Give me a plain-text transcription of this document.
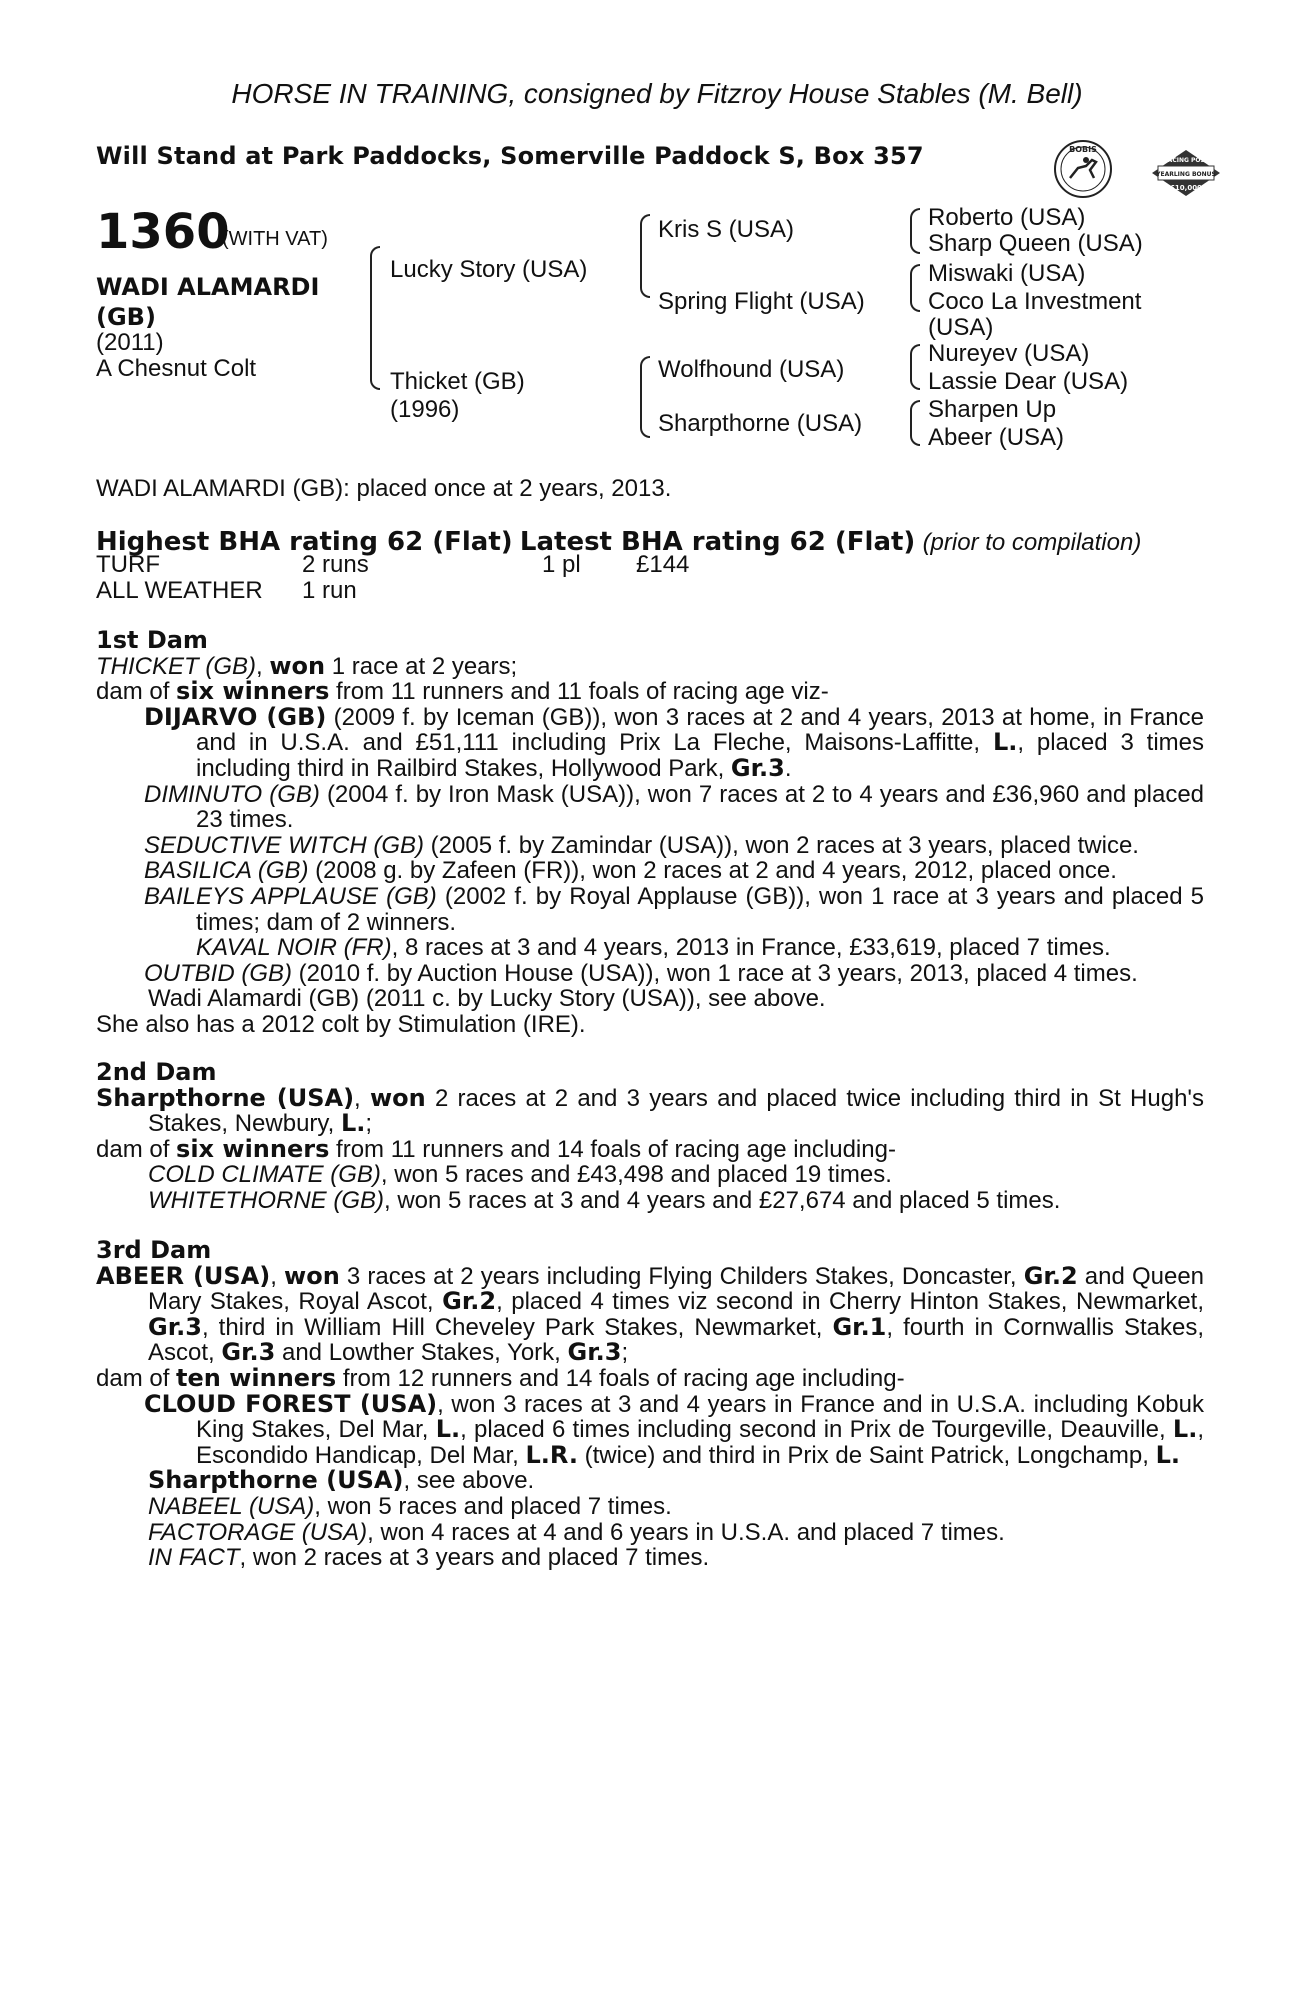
HORSE IN TRAINING, consigned by Fitzroy House Stables (M. Bell)
Will Stand at Park Paddocks, Somerville Paddock S, Box 357	BOBIS
RACING POST
YEARLING BONUS
£10,000
1360
(WITH VAT)
WADI ALAMARDI
(GB)
(2011)
A Chesnut Colt
Lucky Story (USA)
Thicket (GB)
(1996)
Kris S (USA)
Spring Flight (USA)
Wolfhound (USA)
Sharpthorne (USA)
Roberto (USA)
Sharp Queen (USA)
Miswaki (USA)
Coco La Investment
(USA)
Nureyev (USA)
Lassie Dear (USA)
Sharpen Up
Abeer (USA)
WADI ALAMARDI (GB): placed once at 2 years, 2013.
Highest BHA rating 62 (Flat) Latest BHA rating 62 (Flat) (prior to compilation)
TURF	2 runs	1 pl £144
ALL WEATHER 1 run

1st Dam

THICKET (GB), won 1 race at 2 years;

dam of six winners from 11 runners and 11 foals of racing age viz-

DIJARVO (GB) (2009 f. by Iceman (GB)), won 3 races at 2 and 4 years, 2013 at home, in France and in U.S.A. and £51,111 including Prix La Fleche, Maisons-Laffitte, L., placed 3 times including third in Railbird Stakes, Hollywood Park, Gr.3.

DIMINUTO (GB) (2004 f. by Iron Mask (USA)), won 7 races at 2 to 4 years and £36,960 and placed 23 times.

SEDUCTIVE WITCH (GB) (2005 f. by Zamindar (USA)), won 2 races at 3 years, placed twice.

BASILICA (GB) (2008 g. by Zafeen (FR)), won 2 races at 2 and 4 years, 2012, placed once.

BAILEYS APPLAUSE (GB) (2002 f. by Royal Applause (GB)), won 1 race at 3 years and placed 5 times; dam of 2 winners.

KAVAL NOIR (FR), 8 races at 3 and 4 years, 2013 in France, £33,619, placed 7 times.

OUTBID (GB) (2010 f. by Auction House (USA)), won 1 race at 3 years, 2013, placed 4 times.

Wadi Alamardi (GB) (2011 c. by Lucky Story (USA)), see above.

She also has a 2012 colt by Stimulation (IRE).

2nd Dam

Sharpthorne (USA), won 2 races at 2 and 3 years and placed twice including third in St Hugh's Stakes, Newbury, L.;

dam of six winners from 11 runners and 14 foals of racing age including-

COLD CLIMATE (GB), won 5 races and £43,498 and placed 19 times.

WHITETHORNE (GB), won 5 races at 3 and 4 years and £27,674 and placed 5 times.

3rd Dam

ABEER (USA), won 3 races at 2 years including Flying Childers Stakes, Doncaster, Gr.2 and Queen Mary Stakes, Royal Ascot, Gr.2, placed 4 times viz second in Cherry Hinton Stakes, Newmarket, Gr.3, third in William Hill Cheveley Park Stakes, Newmarket, Gr.1, fourth in Cornwallis Stakes, Ascot, Gr.3 and Lowther Stakes, York, Gr.3;

dam of ten winners from 12 runners and 14 foals of racing age including-

CLOUD FOREST (USA), won 3 races at 3 and 4 years in France and in U.S.A. including Kobuk King Stakes, Del Mar, L., placed 6 times including second in Prix de Tourgeville, Deauville, L., Escondido Handicap, Del Mar, L.R. (twice) and third in Prix de Saint Patrick, Longchamp, L.

Sharpthorne (USA), see above.

NABEEL (USA), won 5 races and placed 7 times.

FACTORAGE (USA), won 4 races at 4 and 6 years in U.S.A. and placed 7 times.

IN FACT, won 2 races at 3 years and placed 7 times.
